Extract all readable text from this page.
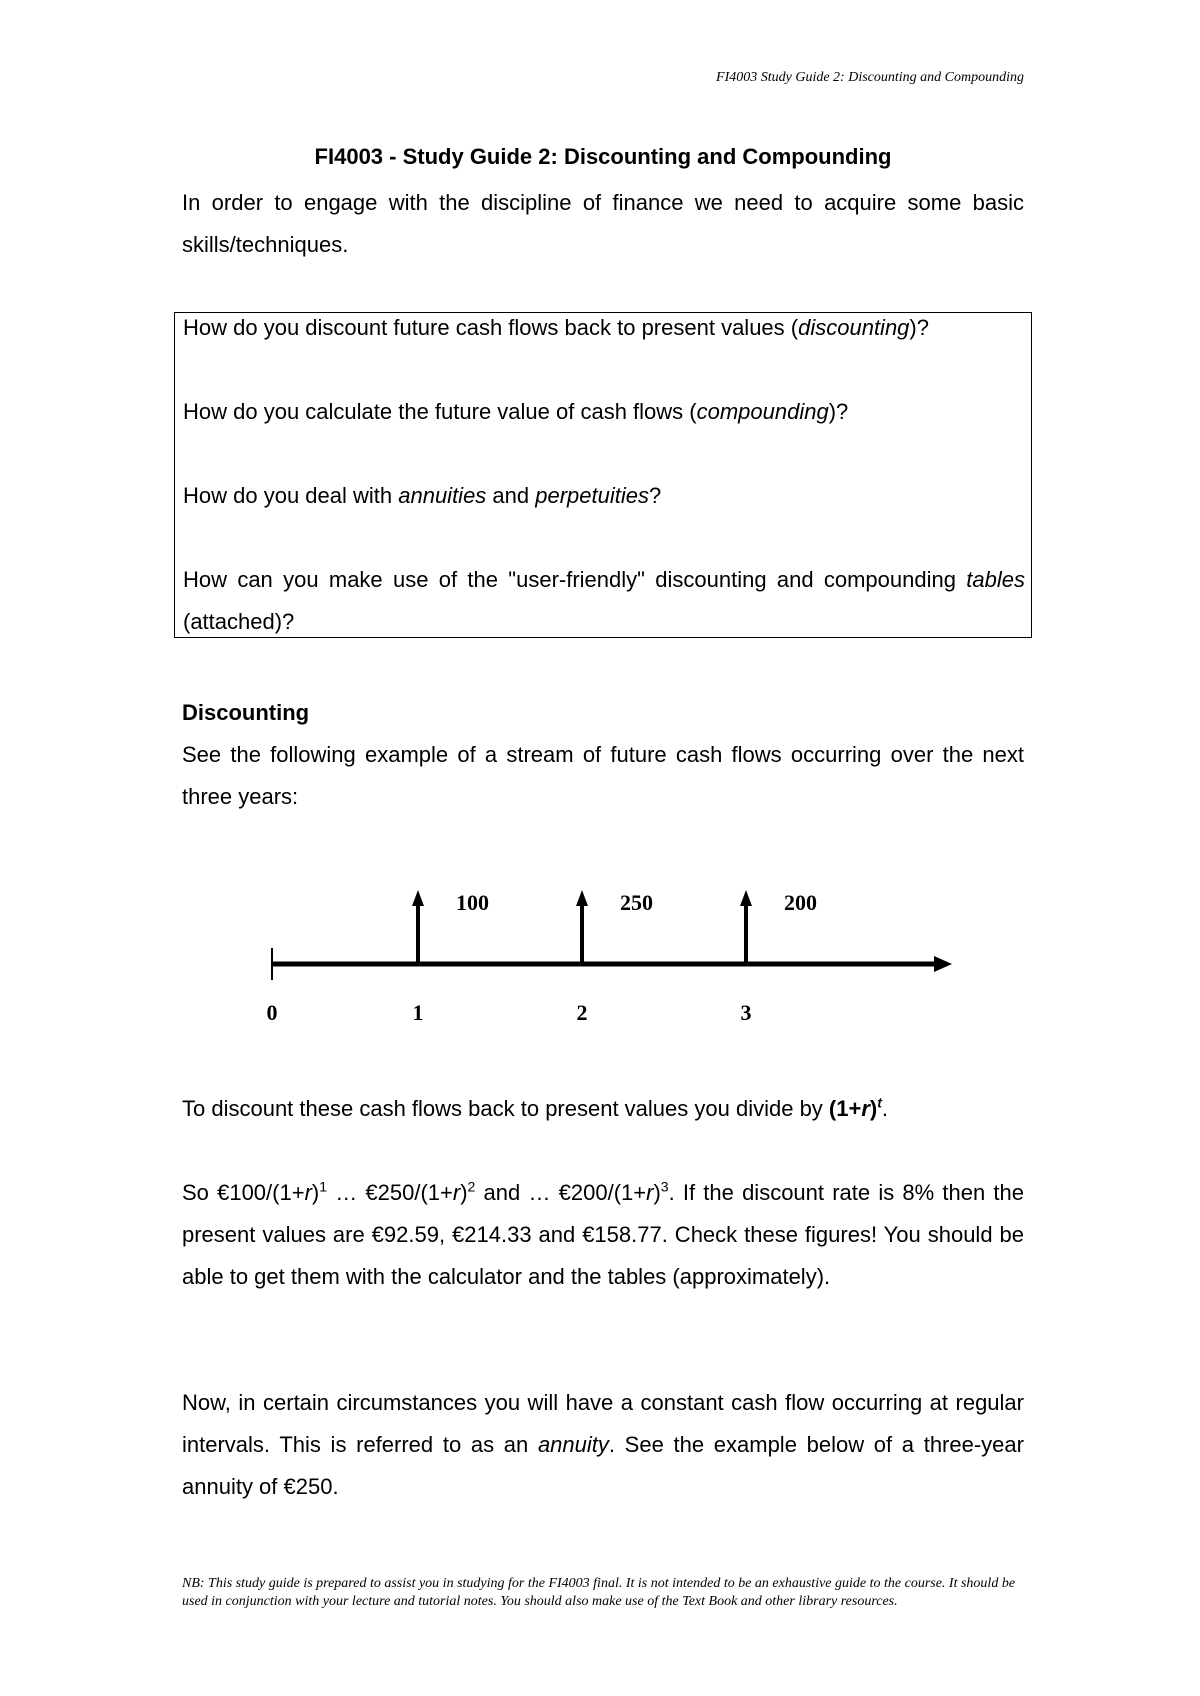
FI4003 Study Guide 2: Discounting and Compounding
FI4003 - Study Guide 2: Discounting and Compounding
In order to engage with the discipline of finance we need to acquire some basic skills/techniques.
How do you discount future cash flows back to present values (discounting)?
How do you calculate the future value of cash flows (compounding)?
How do you deal with annuities and perpetuities?
How can you make use of the "user-friendly" discounting and compounding tables (attached)?
Discounting
See the following example of a stream of future cash flows occurring over the next three years:
100	250	200
0	1	2	3
To discount these cash flows back to present values you divide by $(1+r)^t$.
So $€100/(1+r)^1$ … $€250/(1+r)^2$ and … $€200/(1+r)^3$. If the discount rate is 8% then the present values are €92.59, €214.33 and €158.77. Check these figures! You should be able to get them with the calculator and the tables (approximately).
Now, in certain circumstances you will have a constant cash flow occurring at regular intervals. This is referred to as an annuity. See the example below of a three-year annuity of €250.
NB: This study guide is prepared to assist you in studying for the FI4003 final. It is not intended to be an exhaustive guide to the course. It should be used in conjunction with your lecture and tutorial notes. You should also make use of the Text Book and other library resources.
